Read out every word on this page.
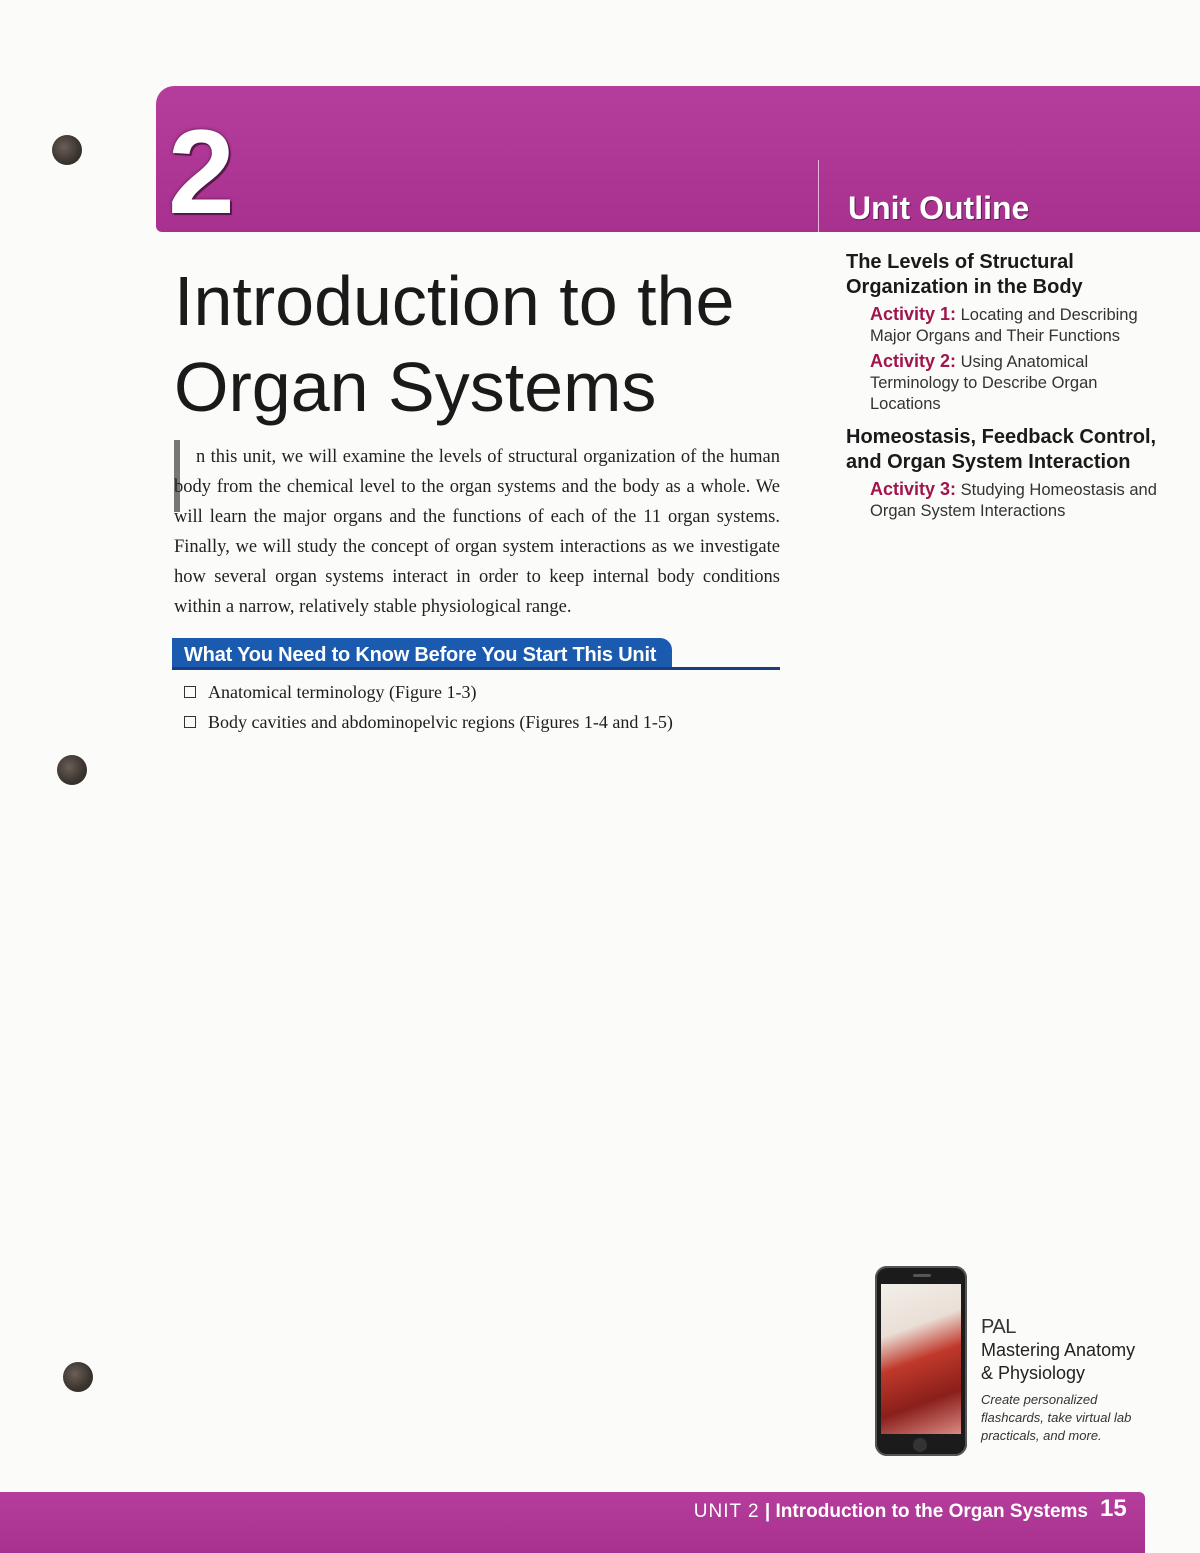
2	Unit Outline
Introduction to the
Organ Systems

n this unit, we will examine the levels of structural organization of the human body from the chemical level to the organ systems and the body as a whole. We will learn the major organs and the functions of each of the 11 organ systems. Finally, we will study the concept of organ system interactions as we investigate how several organ systems interact in order to keep internal body conditions within a narrow, relatively stable physiological range.

What You Need to Know Before You Start This Unit
Anatomical terminology (Figure 1-3)
Body cavities and abdominopelvic regions (Figures 1-4 and 1-5)
The Levels of Structural Organization in the Body
Activity 1: Locating and Describing Major Organs and Their Functions
Activity 2: Using Anatomical Terminology to Describe Organ Locations
Homeostasis, Feedback Control, and Organ System Interaction
Activity 3: Studying Homeostasis and Organ System Interactions
PAL
Mastering Anatomy
& Physiology
Create personalized flashcards, take virtual lab practicals, and more.
UNIT 2 | Introduction to the Organ Systems 15
